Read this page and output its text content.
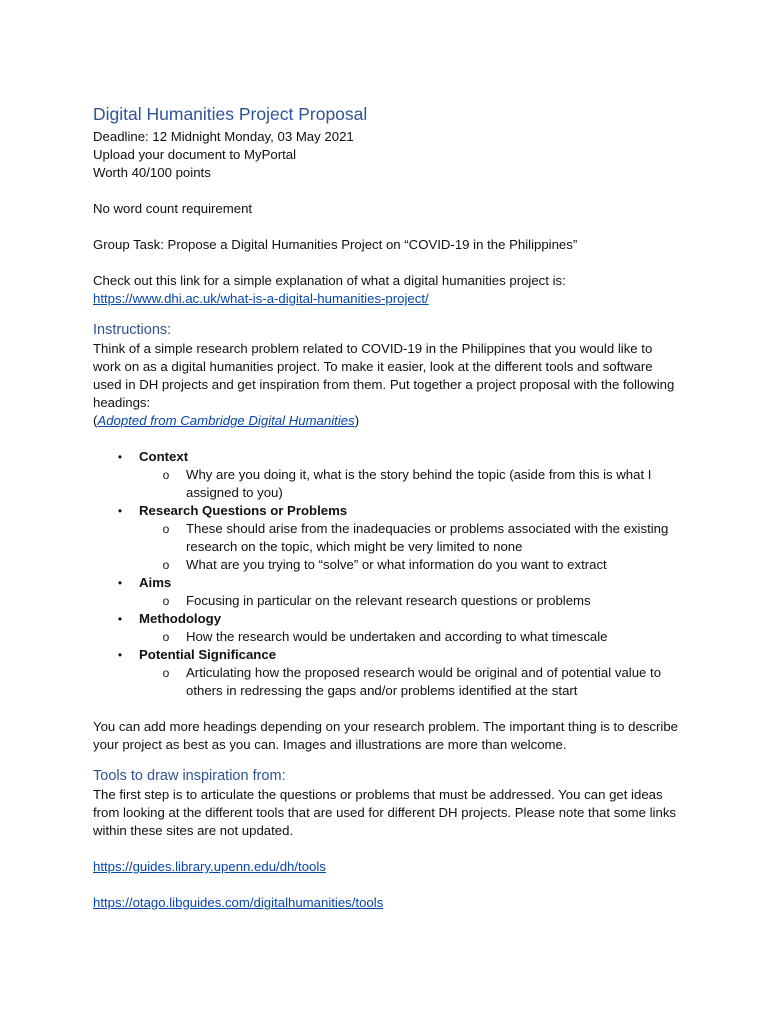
Digital Humanities Project Proposal

Deadline: 12 Midnight Monday, 03 May 2021

Upload your document to MyPortal

Worth 40/100 points

No word count requirement

Group Task: Propose a Digital Humanities Project on “COVID-19 in the Philippines”

Check out this link for a simple explanation of what a digital humanities project is:

https://www.dhi.ac.uk/what-is-a-digital-humanities-project/

Instructions:

Think of a simple research problem related to COVID-19 in the Philippines that you would like to work on as a digital humanities project. To make it easier, look at the different tools and software used in DH projects and get inspiration from them. Put together a project proposal with the following headings:

(Adopted from Cambridge Digital Humanities)

• Context
o Why are you doing it, what is the story behind the topic (aside from this is what I assigned to you)
• Research Questions or Problems
o These should arise from the inadequacies or problems associated with the existing research on the topic, which might be very limited to none
o What are you trying to “solve” or what information do you want to extract
• Aims
o Focusing in particular on the relevant research questions or problems
• Methodology
o How the research would be undertaken and according to what timescale
• Potential Significance
o Articulating how the proposed research would be original and of potential value to others in redressing the gaps and/or problems identified at the start

You can add more headings depending on your research problem. The important thing is to describe your project as best as you can. Images and illustrations are more than welcome.

Tools to draw inspiration from:

The first step is to articulate the questions or problems that must be addressed. You can get ideas from looking at the different tools that are used for different DH projects. Please note that some links within these sites are not updated.

https://guides.library.upenn.edu/dh/tools

https://otago.libguides.com/digitalhumanities/tools
